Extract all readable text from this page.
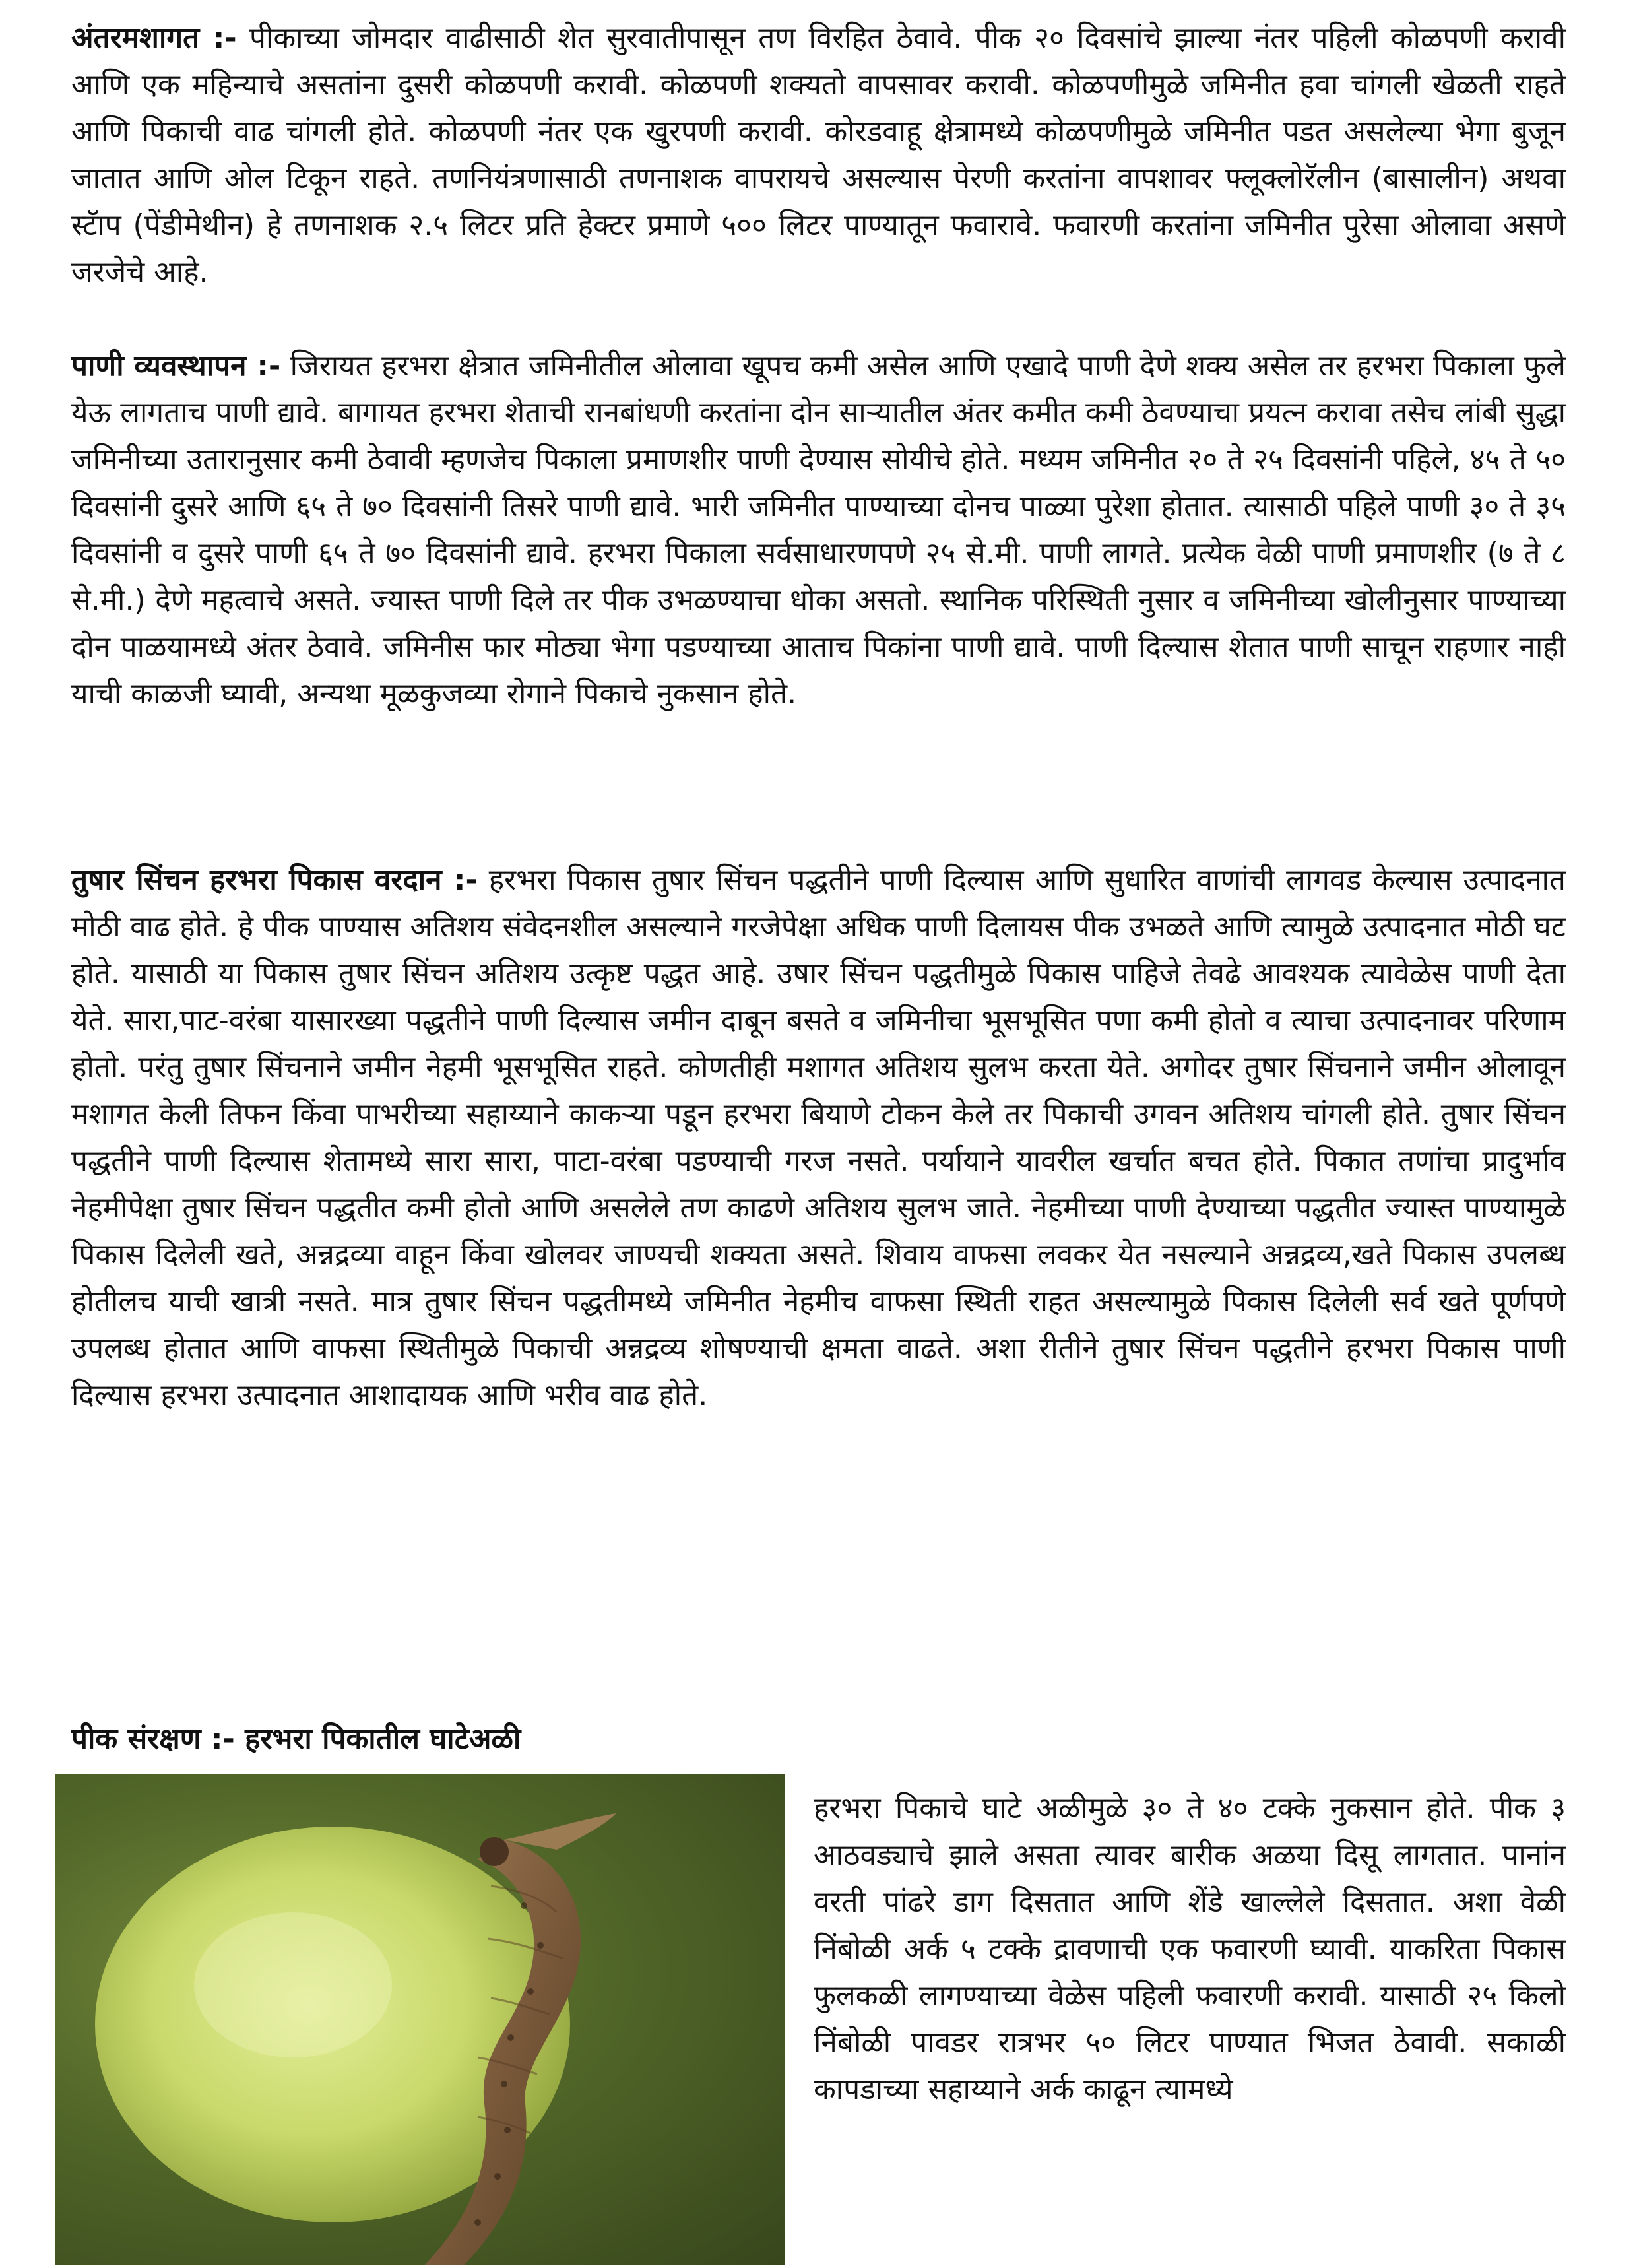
अंतरमशागत :- पीकाच्या जोमदार वाढीसाठी शेत सुरवातीपासून तण विरहित ठेवावे. पीक २० दिवसांचे झाल्या नंतर पहिली कोळपणी करावी आणि एक महिन्याचे असतांना दुसरी कोळपणी करावी. कोळपणी शक्यतो वापसावर करावी. कोळपणीमुळे जमिनीत हवा चांगली खेळती राहते आणि पिकाची वाढ चांगली होते. कोळपणी नंतर एक खुरपणी करावी. कोरडवाहू क्षेत्रामध्ये कोळपणीमुळे जमिनीत पडत असलेल्या भेगा बुजून जातात आणि ओल टिकून राहते. तणनियंत्रणासाठी तणनाशक वापरायचे असल्यास पेरणी करतांना वापशावर फ्लूक्लोरॅलीन (बासालीन) अथवा स्टॅाप (पेंडीमेथीन) हे तणनाशक २.५ लिटर प्रति हेक्टर प्रमाणे ५०० लिटर पाण्यातून फवारावे. फवारणी करतांना जमिनीत पुरेसा ओलावा असणे जरजेचे आहे.

पाणी व्यवस्थापन :- जिरायत हरभरा क्षेत्रात जमिनीतील ओलावा खूपच कमी असेल आणि एखादे पाणी देणे शक्य असेल तर हरभरा पिकाला फुले येऊ लागताच पाणी द्यावे. बागायत हरभरा शेताची रानबांधणी करतांना दोन साऱ्यातील अंतर कमीत कमी ठेवण्याचा प्रयत्न करावा तसेच लांबी सुद्धा जमिनीच्या उतारानुसार कमी ठेवावी म्हणजेच पिकाला प्रमाणशीर पाणी देण्यास सोयीचे होते. मध्यम जमिनीत २० ते २५ दिवसांनी पहिले, ४५ ते ५० दिवसांनी दुसरे आणि ६५ ते ७० दिवसांनी तिसरे पाणी द्यावे. भारी जमिनीत पाण्याच्या दोनच पाळ्या पुरेशा होतात. त्यासाठी पहिले पाणी ३० ते ३५ दिवसांनी व दुसरे पाणी ६५ ते ७० दिवसांनी द्यावे. हरभरा पिकाला सर्वसाधारणपणे २५ से.मी. पाणी लागते. प्रत्येक वेळी पाणी प्रमाणशीर (७ ते ८ से.मी.) देणे महत्वाचे असते. ज्यास्त पाणी दिले तर पीक उभळण्याचा धोका असतो. स्थानिक परिस्थिती नुसार व जमिनीच्या खोलीनुसार पाण्याच्या दोन पाळयामध्ये अंतर ठेवावे. जमिनीस फार मोठ्या भेगा पडण्याच्या आताच पिकांना पाणी द्यावे. पाणी दिल्यास शेतात पाणी साचून राहणार नाही याची काळजी घ्यावी, अन्यथा मूळकुजव्या रोगाने पिकाचे नुकसान होते.

तुषार सिंचन हरभरा पिकास वरदान :- हरभरा पिकास तुषार सिंचन पद्धतीने पाणी दिल्यास आणि सुधारित वाणांची लागवड केल्यास उत्पादनात मोठी वाढ होते. हे पीक पाण्यास अतिशय संवेदनशील असल्याने गरजेपेक्षा अधिक पाणी दिलायस पीक उभळते आणि त्यामुळे उत्पादनात मोठी घट होते. यासाठी या पिकास तुषार सिंचन अतिशय उत्कृष्ट पद्धत आहे. उषार सिंचन पद्धतीमुळे पिकास पाहिजे तेवढे आवश्यक त्यावेळेस पाणी देता येते. सारा,पाट-वरंबा यासारख्या पद्धतीने पाणी दिल्यास जमीन दाबून बसते व जमिनीचा भूसभूसित पणा कमी होतो व त्याचा उत्पादनावर परिणाम होतो. परंतु तुषार सिंचनाने जमीन नेहमी भूसभूसित राहते. कोणतीही मशागत अतिशय सुलभ करता येते. अगोदर तुषार सिंचनाने जमीन ओलावून मशागत केली तिफन किंवा पाभरीच्या सहाय्याने काकऱ्या पडून हरभरा बियाणे टोकन केले तर पिकाची उगवन अतिशय चांगली होते. तुषार सिंचन पद्धतीने पाणी दिल्यास शेतामध्ये सारा सारा, पाटा-वरंबा पडण्याची गरज नसते. पर्यायाने यावरील खर्चात बचत होते. पिकात तणांचा प्रादुर्भाव नेहमीपेक्षा तुषार सिंचन पद्धतीत कमी होतो आणि असलेले तण काढणे अतिशय सुलभ जाते. नेहमीच्या पाणी देण्याच्या पद्धतीत ज्यास्त पाण्यामुळे पिकास दिलेली खते, अन्नद्रव्या वाहून किंवा खोलवर जाण्यची शक्यता असते. शिवाय वाफसा लवकर येत नसल्याने अन्नद्रव्य,खते पिकास उपलब्ध होतीलच याची खात्री नसते. मात्र तुषार सिंचन पद्धतीमध्ये जमिनीत नेहमीच वाफसा स्थिती राहत असल्यामुळे पिकास दिलेली सर्व खते पूर्णपणे उपलब्ध होतात आणि वाफसा स्थितीमुळे पिकाची अन्नद्रव्य शोषण्याची क्षमता वाढते. अशा रीतीने तुषार सिंचन पद्धतीने हरभरा पिकास पाणी दिल्यास हरभरा उत्पादनात आशादायक आणि भरीव वाढ होते.

पीक संरक्षण :- हरभरा पिकातील घाटेअळी

हरभरा पिकाचे घाटे अळीमुळे ३० ते ४० टक्के नुकसान होते. पीक ३ आठवड्याचे झाले असता त्यावर बारीक अळया दिसू लागतात. पानांन वरती पांढरे डाग दिसतात आणि शेंडे खाल्लेले दिसतात. अशा वेळी निंबोळी अर्क ५ टक्के द्रावणाची एक फवारणी घ्यावी. याकरिता पिकास फुलकळी लागण्याच्या वेळेस पहिली फवारणी करावी. यासाठी २५ किलो निंबोळी पावडर रात्रभर ५० लिटर पाण्यात भिजत ठेवावी. सकाळी कापडाच्या सहाय्याने अर्क काढून त्यामध्ये
